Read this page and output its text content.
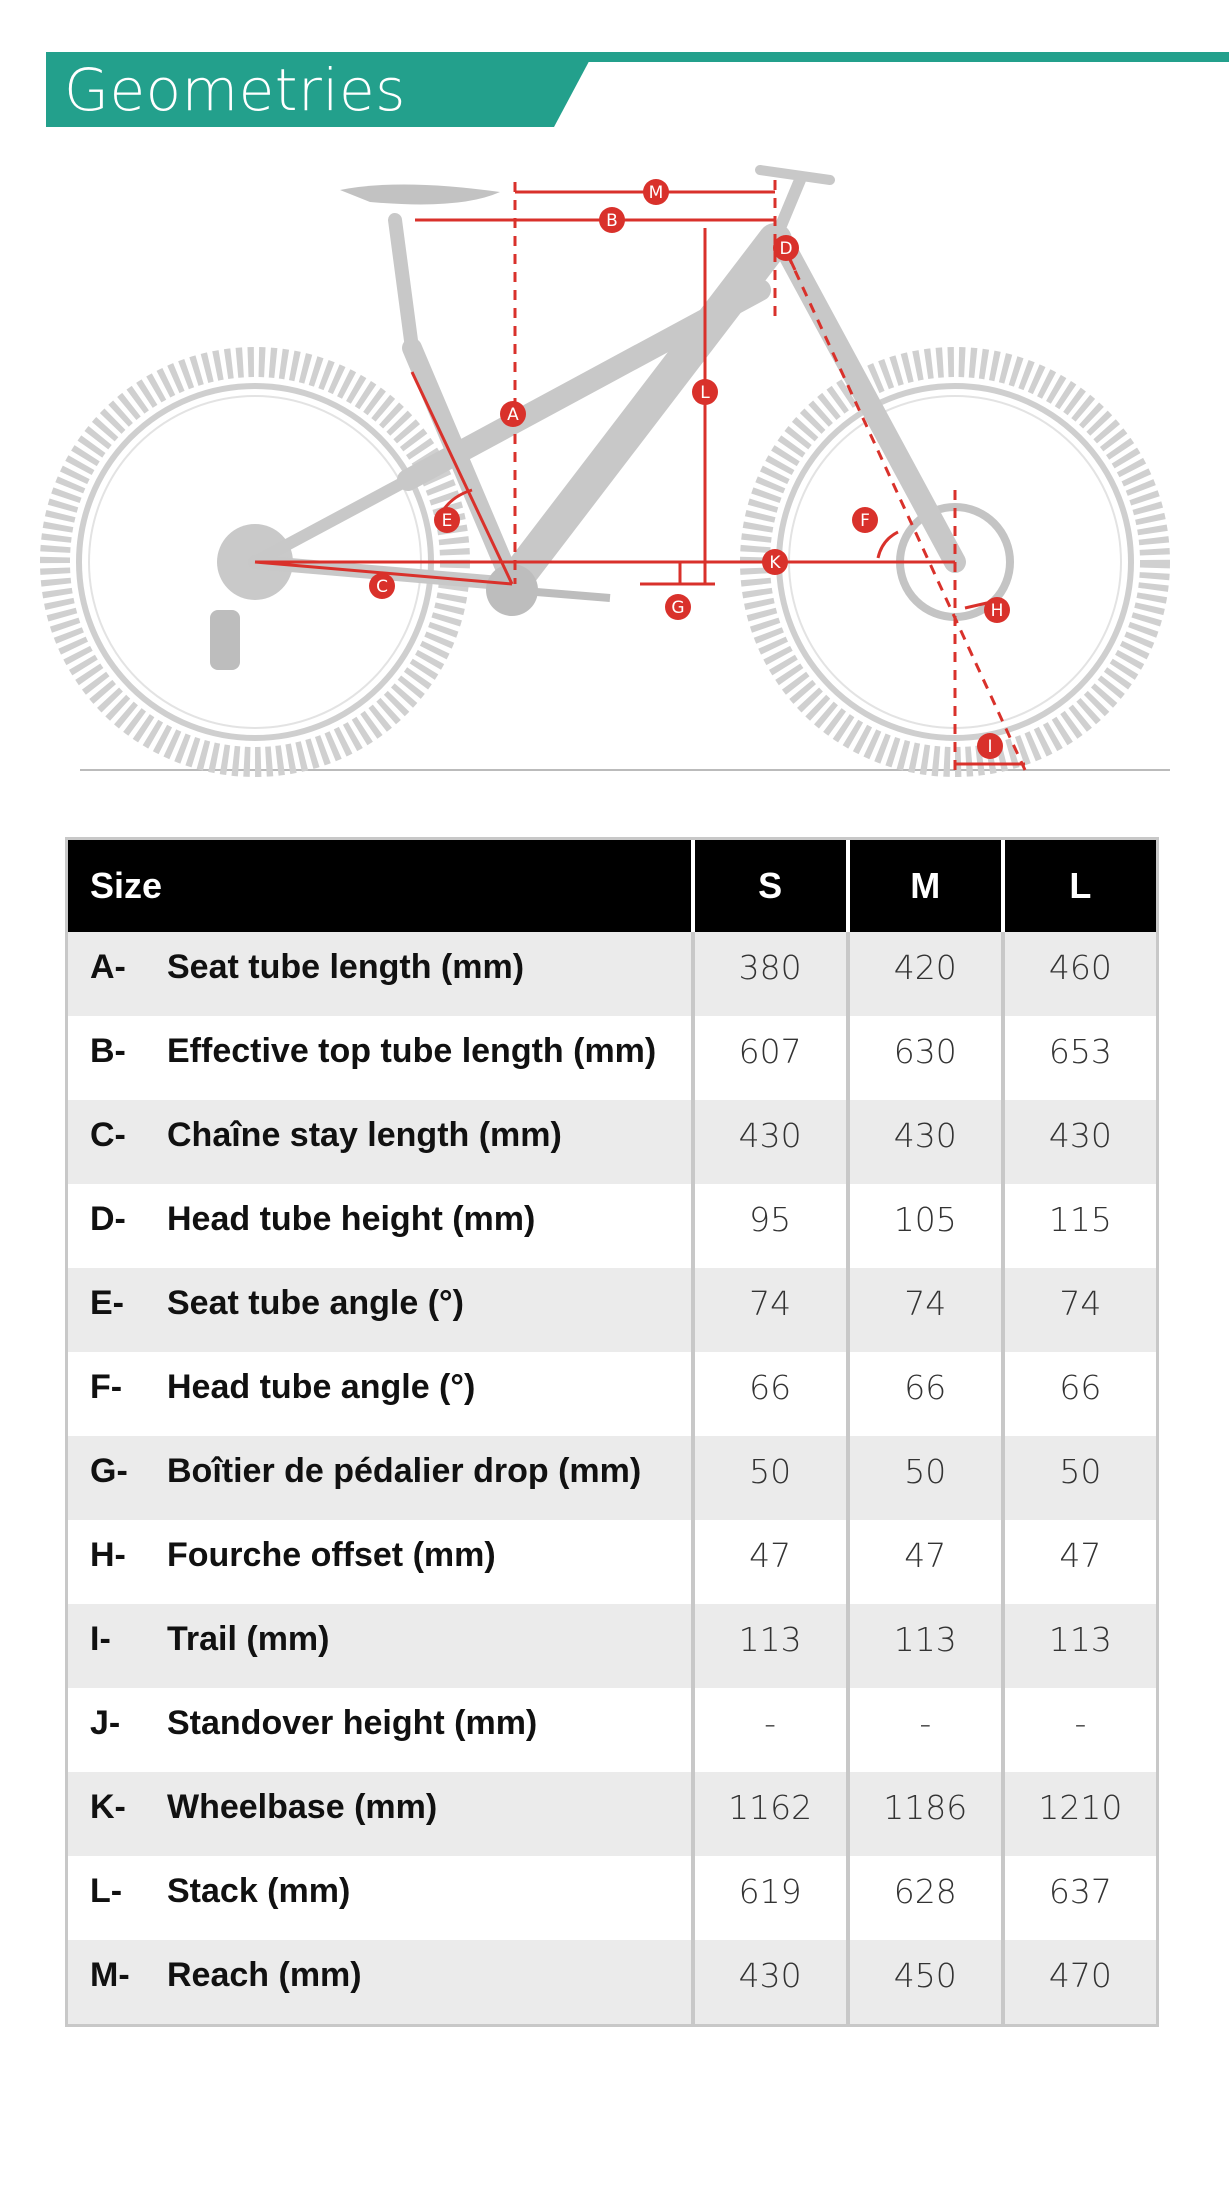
Geometries
M
B
D
L
A
E	F
K
C
G	H
I
Size	S	M	L

A- Seat tube length (mm)	380	420	460

B- Effective top tube length (mm)	607	630	653

C- Chaîne stay length (mm)	430	430	430

D- Head tube height (mm)	95	105	115

E- Seat tube angle (°)	74	74	74

F- Head tube angle (°)	66	66	66

G- Boîtier de pédalier drop (mm)	50	50	50

H- Fourche offset (mm)	47	47	47

I- Trail (mm)	113	113	113

J- Standover height (mm)	-	-	-

K- Wheelbase (mm)	1162	1186	1210

L- Stack (mm)	619	628	637

M- Reach (mm)	430	450	470
